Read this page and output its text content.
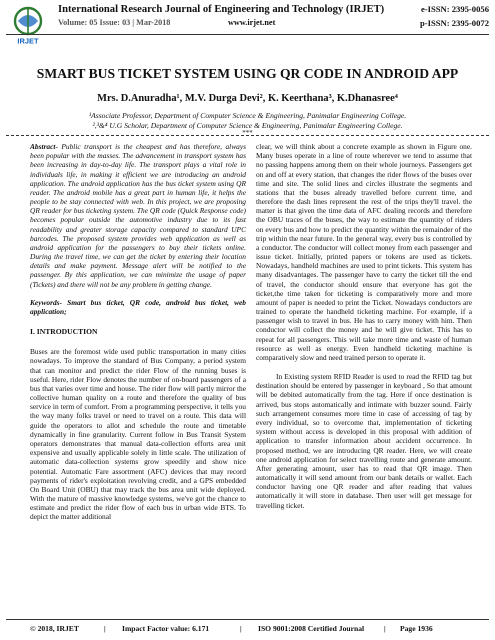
IRJET
International Research Journal of Engineering and Technology (IRJET)	e-ISSN: 2395-0056
Volume: 05 Issue: 03 | Mar-2018	www.irjet.net	p-ISSN: 2395-0072
SMART BUS TICKET SYSTEM USING QR CODE IN ANDROID APP
Mrs. D.Anuradha¹, M.V. Durga Devi², K. Keerthana³, K.Dhanasree⁴
¹Associate Professor, Department of Computer Science & Engineering, Panimalar Engineering College.
²,³&⁴ U.G Scholar, Department of Computer Science & Engineering, Panimalar Engineering College.
***

Abstract- Public transport is the cheapest and has therefore, always been popular with the masses. The advancement in transport system has been increasing in day-to-day life. The transport plays a vital role in individuals life, in making it efficient we are introducing an android application. The android application has the bus ticket system using QR reader. The android mobile has a great part in human life, it helps the people to be stay connected with web. In this project, we are proposing QR reader for bus ticketing system. The QR code (Quick Response code) becomes popular outside the automotive industry due to its fast readability and greater storage capacity compared to standard UPC barcodes. The proposed system provides web application as well as android application for the passengers to buy their tickets online. During the travel time, we can get the ticket by entering their location details and make payment. Message alert will be notified to the passenger. By this application, we can minimize the usage of paper (Tickets) and there will not be any problem in getting change.

Keywords- Smart bus ticket, QR code, android bus ticket, web application;

I. INTRODUCTION

Buses are the foremost wide used public transportation in many cities nowadays. To improve the standard of Bus Company, a period system that can monitor and predict the rider Flow of the running buses is useful. Here, rider Flow denotes the number of on-board passengers of a bus that varies over time and house. The rider flow will partly mirror the collective human quality on a route and therefore the quality of bus service in term of comfort. From a programming perspective, it tells you the way many folks travel or need to travel on a route. This data will guide the operators to allot and schedule the route and timetable dynamically in fine granularity. Current follow in Bus Transit System operators demonstrates that manual data-collection efforts area unit expensive and usually applicable solely in little scale. The utilization of automatic data-collection systems grow speedily and show nice potential. Automatic Fare assortment (AFC) devices that may record payments of rider's exploitation revolving credit, and a GPS embedded On Board Unit (OBU) that may track the bus area unit wide deployed. With the mature of massive knowledge systems, we've got the chance to estimate and predict the rider flow of each bus in urban wide BTS. To depict the matter additional

clear, we will think about a concrete example as shown in Figure one. Many buses operate in a line of route wherever we tend to assume that no passing happens among them on their whole journeys. Passengers get on and off at every station, that changes the rider flows of the buses over time and site. The solid lines and circles illustrate the segments and stations that the buses already travelled before current time, and therefore the dash lines represent the rest of the trips they'll travel. the matter is that given the time data of AFC dealing records and therefore the OBU traces of the buses, the way to estimate the quantity of riders on every bus and how to predict the quantity within the remainder of the trip within the near future. In the general way, every bus is controlled by a conductor. The conductor will collect money from each passenger and issue ticket. Initially, printed papers or tokens are used as tickets. Nowadays, handheld machines are used to print tickets. This system has many disadvantages. The passenger have to carry the ticket till the end of travel, the conductor should ensure that everyone has got the ticket,the time taken for ticketing is comparatively more and more amount of paper is needed to print the Ticket. Nowadays conductors are trained to operate the handheld ticketing machine. For example, if a passenger wish to travel in bus. He has to carry money with him. Then conductor will collect the money and he will give ticket. This has to repeat for all passengers. This will take more time and waste of human resource as well as energy. Even handheld ticketing machine is comparatively slow and need trained person to operate it.

In Existing system RFID Reader is used to read the RFID tag but destination should be entered by passenger in keyboard , So that amount will be debited automatically from the tag. Here if once destination is arrived, bus stops automatically and intimate with buzzer sound. Fairly such arrangement consumes more time in case of accessing of tag by every individual, so to overcome that, implementation of ticketing system without access is developed in this proposal with addition of application to transfer information about accident occurrence. In proposed method, we are introducing QR reader. Here, we will create one android application for select travelling route and generate amount. After generating amount, user has to read that QR image. Then automatically it will send amount from our bank details or wallet. Each conductor having one QR reader and after reading that values automatically it will store in database. Then user will get message for travelling ticket.

© 2018, IRJET	| Impact Factor value: 6.171	| ISO 9001:2008 Certified Journal	| Page 1936
